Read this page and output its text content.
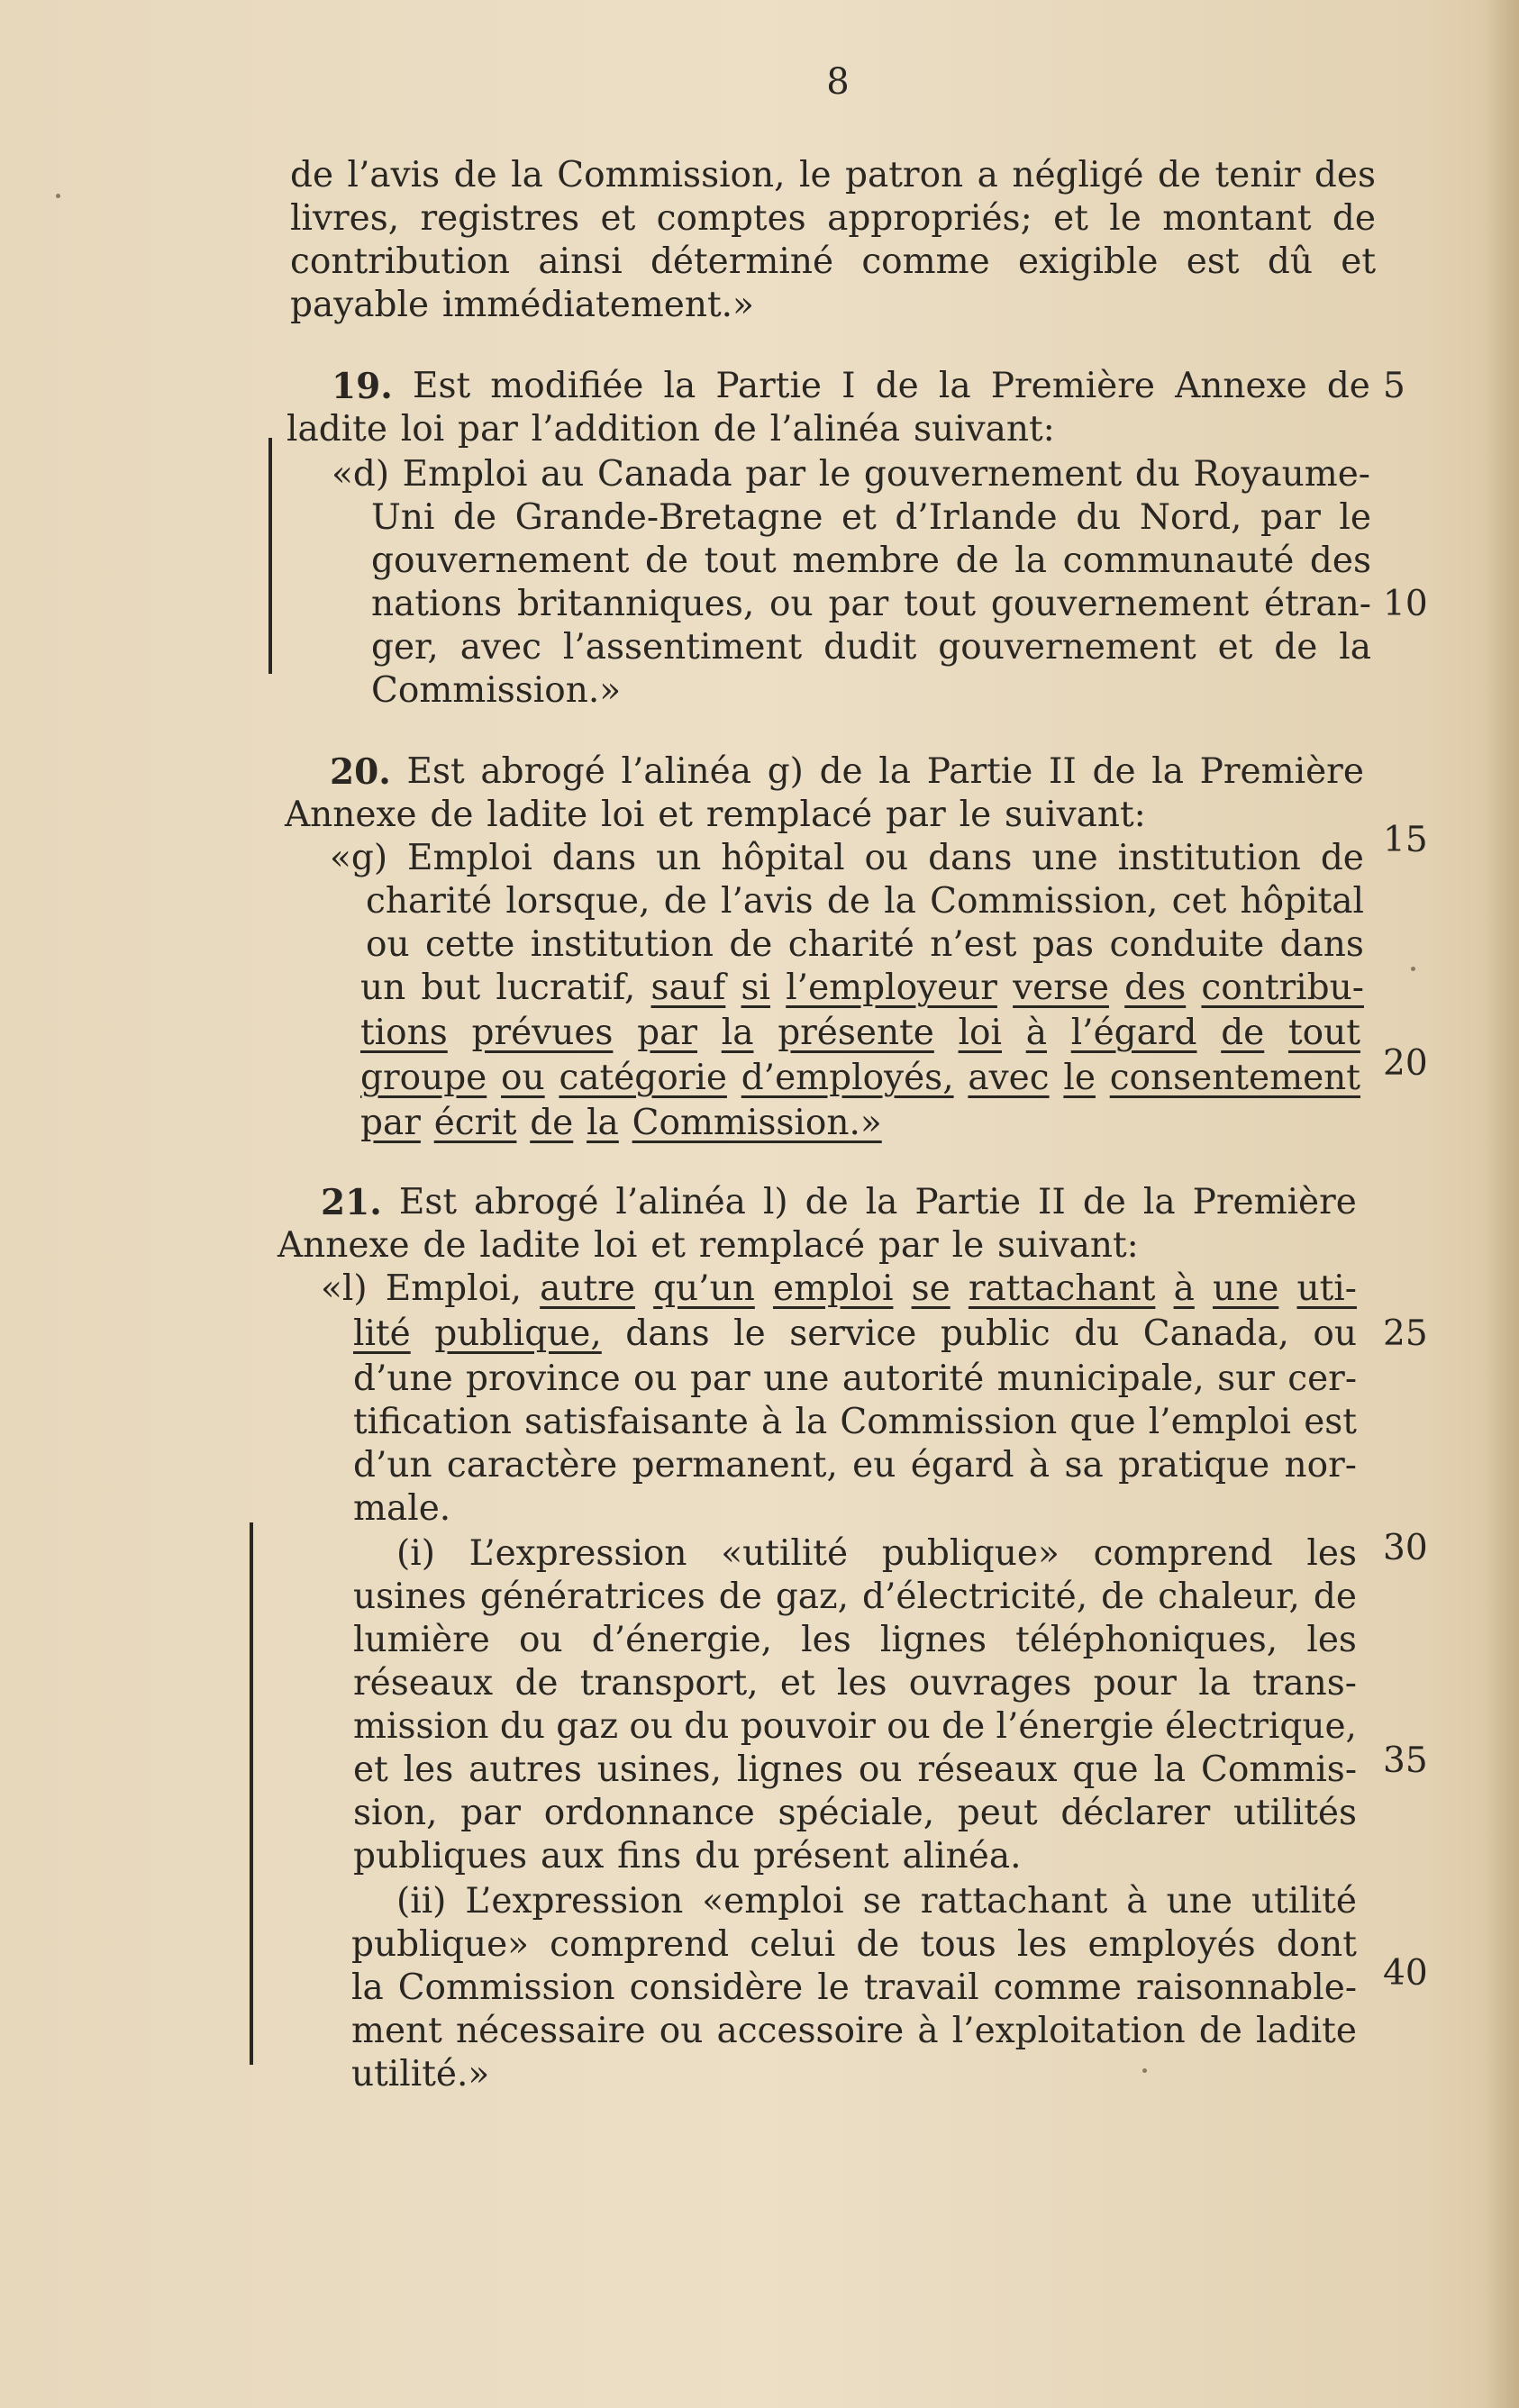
8
de l’avis de la Commission, le patron a négligé de tenir des
livres, registres et comptes appropriés; et le montant de
contribution ainsi déterminé comme exigible est dû et
payable immédiatement.»
19. Est modifiée la Partie I de la Première Annexe de
ladite loi par l’addition de l’alinéa suivant:
«d) Emploi au Canada par le gouvernement du Royaume-
Uni de Grande-Bretagne et d’Irlande du Nord, par le
gouvernement de tout membre de la communauté des
nations britanniques, ou par tout gouvernement étran-
ger, avec l’assentiment dudit gouvernement et de la
Commission.»
20. Est abrogé l’alinéa g) de la Partie II de la Première
Annexe de ladite loi et remplacé par le suivant:
«g) Emploi dans un hôpital ou dans une institution de
charité lorsque, de l’avis de la Commission, cet hôpital
ou cette institution de charité n’est pas conduite dans
un but lucratif, sauf si l’employeur verse des contribu-
tions prévues par la présente loi à l’égard de tout
groupe ou catégorie d’employés, avec le consentement
par écrit de la Commission.»
21. Est abrogé l’alinéa l) de la Partie II de la Première
Annexe de ladite loi et remplacé par le suivant:
«l) Emploi, autre qu’un emploi se rattachant à une uti-
lité publique, dans le service public du Canada, ou
d’une province ou par une autorité municipale, sur cer-
tification satisfaisante à la Commission que l’emploi est
d’un caractère permanent, eu égard à sa pratique nor-
male.
(i) L’expression «utilité publique» comprend les
usines génératrices de gaz, d’électricité, de chaleur, de
lumière ou d’énergie, les lignes téléphoniques, les
réseaux de transport, et les ouvrages pour la trans-
mission du gaz ou du pouvoir ou de l’énergie électrique,
et les autres usines, lignes ou réseaux que la Commis-
sion, par ordonnance spéciale, peut déclarer utilités
publiques aux fins du présent alinéa.
(ii) L’expression «emploi se rattachant à une utilité
publique» comprend celui de tous les employés dont
la Commission considère le travail comme raisonnable-
ment nécessaire ou accessoire à l’exploitation de ladite
utilité.»
5
10
15
20
25
30
35
40
